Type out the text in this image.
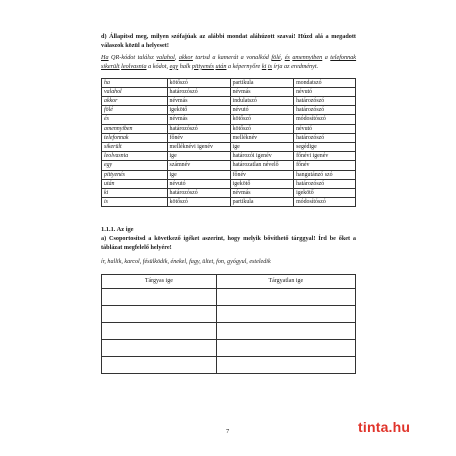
d) Állapítsd meg, milyen szófajúak az alábbi mondat aláhúzott szavai! Húzd alá a megadott válaszok közül a helyeset!

Ha QR-kódot találsz valahol, akkor tartsd a kamerát a vonalkód fölé, és amennyiben a telefonnak sikerült leolvasnia a kódot, egy halk pittyenés után a képernyőre ki is írja az eredményt.

ha	kötőszó	partikula	mondatszó
valahol	határozószó	névmás	névutó
akkor	névmás	indulatszó	határozószó
fölé	igekötő	névutó	határozószó
és	névmás	kötőszó	módosítószó
amennyiben	határozószó	kötőszó	névutó
telefonnak	főnév	melléknév	határozószó
sikerült	melléknévi igenév	ige	segédige
leolvasnia	ige	határozói igenév	főnévi igenév
egy	számnév	határozatlan névelő	főnév
pittyenés	ige	főnév	hangutánzó szó
után	névutó	igekötő	határozószó
ki	határozószó	névmás	igekötő
is	kötőszó	partikula	módosítószó
1.1.1. Az ige

a) Csoportosítsd a következő igéket aszerint, hogy melyik bővíthető tárggyal! Írd be őket a táblázat megfelelő helyére!

ír, hallik, karcol, fésülködik, énekel, fagy, ültet, fon, gyógyul, esteledik
Tárgyas ige	Tárgyatlan ige

7	tinta.hu
